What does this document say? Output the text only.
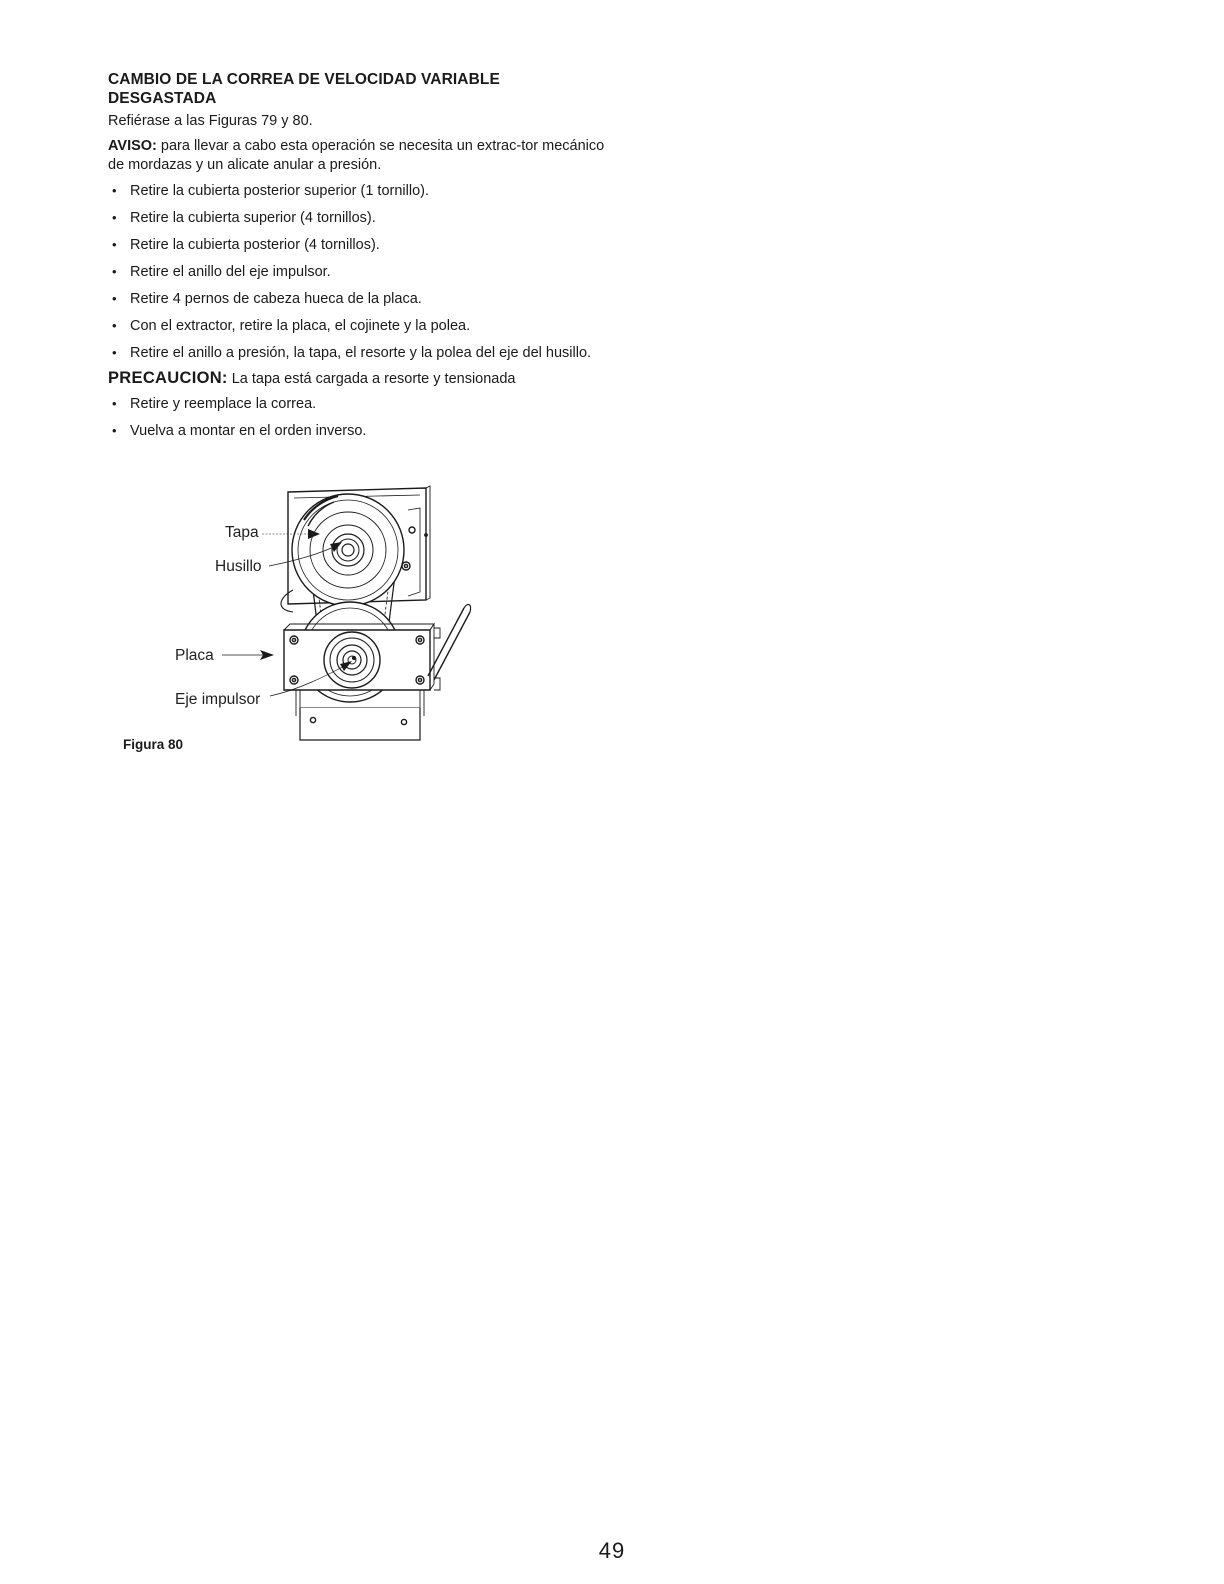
CAMBIO DE LA CORREA DE VELOCIDAD VARIABLE
DESGASTADA

Refiérase a las Figuras 79 y 80.

AVISO: para llevar a cabo esta operación se necesita un extrac-tor mecánico de mordazas y un alicate anular a presión.

• Retire la cubierta posterior superior (1 tornillo).
• Retire la cubierta superior (4 tornillos).
• Retire la cubierta posterior (4 tornillos).
• Retire el anillo del eje impulsor.
• Retire 4 pernos de cabeza hueca de la placa.
• Con el extractor, retire la placa, el cojinete y la polea.
• Retire el anillo a presión, la tapa, el resorte y la polea del eje del husillo.

PRECAUCION: La tapa está cargada a resorte y tensionada

• Retire y reemplace la correa.
• Vuelva a montar en el orden inverso.
Tapa
Husillo
Placa
Eje impulsor
Figura 80
49
